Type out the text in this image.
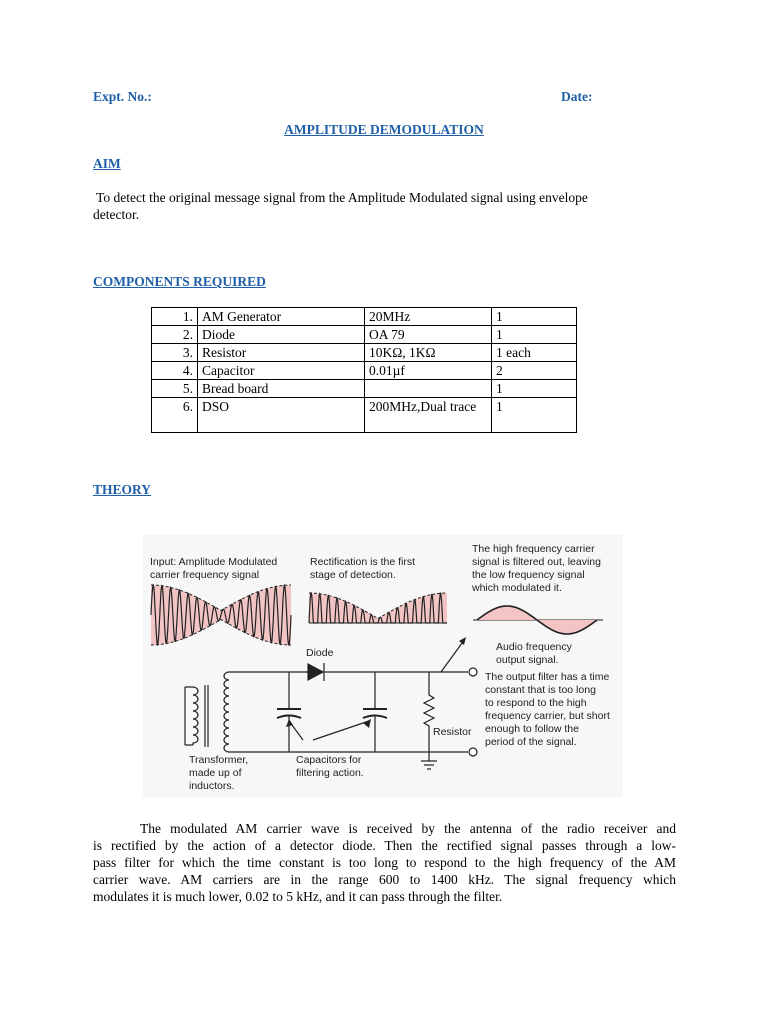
Expt. No.:	Date:
AMPLITUDE DEMODULATION
AIM
To detect the original message signal from the Amplitude Modulated signal using envelope
detector.
COMPONENTS REQUIRED
1.	AM Generator	20MHz	1
2.	Diode	OA 79	1
3.	Resistor	10KΩ, 1KΩ	1 each
4.	Capacitor	0.01µf	2
5.	Bread board		1
6.	DSO	200MHz,Dual trace	1
THEORY
Input: Amplitude Modulated
carrier frequency signal
Rectification is the first
stage of detection.
The high frequency carrier
signal is filtered out, leaving
the low frequency signal
which modulated it.
Diode	Audio frequency
output signal.
The output filter has a time
constant that is too long
to respond to the high
frequency carrier, but short
enough to follow the
period of the signal.
Resistor
Transformer,
made up of
inductors.
Capacitors for
filtering action.
The modulated AM carrier wave is received by the antenna of the radio receiver and
is rectified by the action of a detector diode. Then the rectified signal passes through a low-
pass filter for which the time constant is too long to respond to the high frequency of the AM
carrier wave. AM carriers are in the range 600 to 1400 kHz. The signal frequency which
modulates it is much lower, 0.02 to 5 kHz, and it can pass through the filter.
